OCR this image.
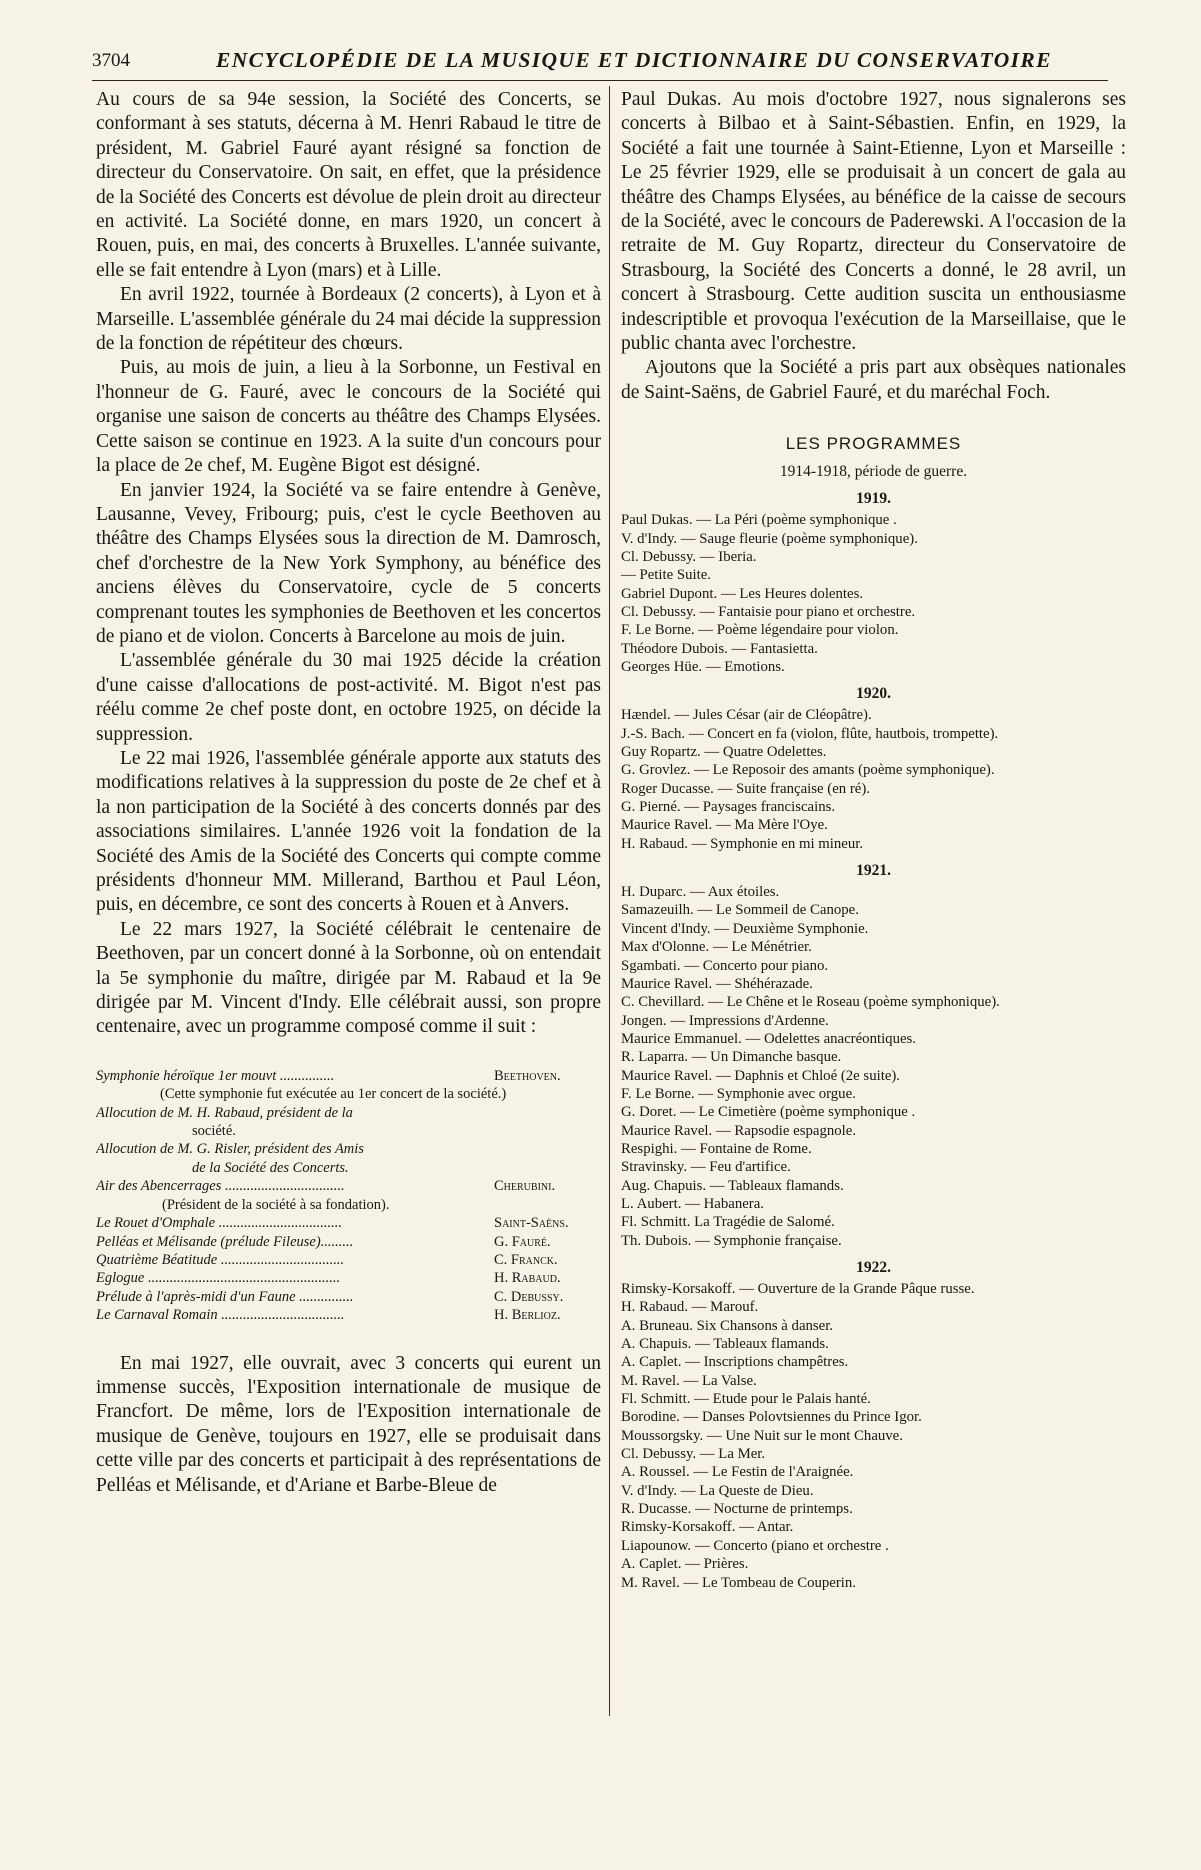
3704	ENCYCLOPÉDIE DE LA MUSIQUE ET DICTIONNAIRE DU CONSERVATOIRE

Au cours de sa 94e session, la Société des Concerts, se conformant à ses statuts, décerna à M. Henri Rabaud le titre de président, M. Gabriel Fauré ayant résigné sa fonction de directeur du Conservatoire. On sait, en effet, que la présidence de la Société des Concerts est dévolue de plein droit au directeur en activité. La Société donne, en mars 1920, un concert à Rouen, puis, en mai, des concerts à Bruxelles. L'année suivante, elle se fait entendre à Lyon (mars) et à Lille.

En avril 1922, tournée à Bordeaux (2 concerts), à Lyon et à Marseille. L'assemblée générale du 24 mai décide la suppression de la fonction de répétiteur des chœurs.

Puis, au mois de juin, a lieu à la Sorbonne, un Festival en l'honneur de G. Fauré, avec le concours de la Société qui organise une saison de concerts au théâtre des Champs Elysées. Cette saison se continue en 1923. A la suite d'un concours pour la place de 2e chef, M. Eugène Bigot est désigné.

En janvier 1924, la Société va se faire entendre à Genève, Lausanne, Vevey, Fribourg; puis, c'est le cycle Beethoven au théâtre des Champs Elysées sous la direction de M. Damrosch, chef d'orchestre de la New York Symphony, au bénéfice des anciens élèves du Conservatoire, cycle de 5 concerts comprenant toutes les symphonies de Beethoven et les concertos de piano et de violon. Concerts à Barcelone au mois de juin.

L'assemblée générale du 30 mai 1925 décide la création d'une caisse d'allocations de post-activité. M. Bigot n'est pas réélu comme 2e chef poste dont, en octobre 1925, on décide la suppression.

Le 22 mai 1926, l'assemblée générale apporte aux statuts des modifications relatives à la suppression du poste de 2e chef et à la non participation de la Société à des concerts donnés par des associations similaires. L'année 1926 voit la fondation de la Société des Amis de la Société des Concerts qui compte comme présidents d'honneur MM. Millerand, Barthou et Paul Léon, puis, en décembre, ce sont des concerts à Rouen et à Anvers.

Le 22 mars 1927, la Société célébrait le centenaire de Beethoven, par un concert donné à la Sorbonne, où on entendait la 5e symphonie du maître, dirigée par M. Rabaud et la 9e dirigée par M. Vincent d'Indy. Elle célébrait aussi, son propre centenaire, avec un programme composé comme il suit :

Symphonie héroïque 1er mouvt ...............	Beethoven.
(Cette symphonie fut exécutée au 1er concert de la société.)
Allocution de M. H. Rabaud, président de la
société.
Allocution de M. G. Risler, président des Amis
de la Société des Concerts.
Air des Abencerrages .................................	Cherubini.
(Président de la société à sa fondation).
Le Rouet d'Omphale ..................................	Saint-Saëns.
Pelléas et Mélisande (prélude Fileuse).........	G. Fauré.
Quatrième Béatitude ..................................	C. Franck.
Eglogue .....................................................	H. Rabaud.
Prélude à l'après-midi d'un Faune ...............	C. Debussy.
Le Carnaval Romain ..................................	H. Berlioz.

En mai 1927, elle ouvrait, avec 3 concerts qui eurent un immense succès, l'Exposition internationale de musique de Francfort. De même, lors de l'Exposition internationale de musique de Genève, toujours en 1927, elle se produisait dans cette ville par des concerts et participait à des représentations de Pelléas et Mélisande, et d'Ariane et Barbe-Bleue de

Paul Dukas. Au mois d'octobre 1927, nous signalerons ses concerts à Bilbao et à Saint-Sébastien. Enfin, en 1929, la Société a fait une tournée à Saint-Etienne, Lyon et Marseille : Le 25 février 1929, elle se produisait à un concert de gala au théâtre des Champs Elysées, au bénéfice de la caisse de secours de la Société, avec le concours de Paderewski. A l'occasion de la retraite de M. Guy Ropartz, directeur du Conservatoire de Strasbourg, la Société des Concerts a donné, le 28 avril, un concert à Strasbourg. Cette audition suscita un enthousiasme indescriptible et provoqua l'exécution de la Marseillaise, que le public chanta avec l'orchestre.

Ajoutons que la Société a pris part aux obsèques nationales de Saint-Saëns, de Gabriel Fauré, et du maréchal Foch.

LES PROGRAMMES
1914-1918, période de guerre.
1919.

Paul Dukas. — La Péri (poème symphonique .

V. d'Indy. — Sauge fleurie (poème symphonique).

Cl. Debussy. — Iberia.

— Petite Suite.

Gabriel Dupont. — Les Heures dolentes.

Cl. Debussy. — Fantaisie pour piano et orchestre.

F. Le Borne. — Poème légendaire pour violon.

Théodore Dubois. — Fantasietta.

Georges Hüe. — Emotions.

1920.

Hændel. — Jules César (air de Cléopâtre).

J.-S. Bach. — Concert en fa (violon, flûte, hautbois, trompette).

Guy Ropartz. — Quatre Odelettes.

G. Grovlez. — Le Reposoir des amants (poème symphonique).

Roger Ducasse. — Suite française (en ré).

G. Pierné. — Paysages franciscains.

Maurice Ravel. — Ma Mère l'Oye.

H. Rabaud. — Symphonie en mi mineur.

1921.

H. Duparc. — Aux étoiles.

Samazeuilh. — Le Sommeil de Canope.

Vincent d'Indy. — Deuxième Symphonie.

Max d'Olonne. — Le Ménétrier.

Sgambati. — Concerto pour piano.

Maurice Ravel. — Shéhérazade.

C. Chevillard. — Le Chêne et le Roseau (poème symphonique).

Jongen. — Impressions d'Ardenne.

Maurice Emmanuel. — Odelettes anacréontiques.

R. Laparra. — Un Dimanche basque.

Maurice Ravel. — Daphnis et Chloé (2e suite).

F. Le Borne. — Symphonie avec orgue.

G. Doret. — Le Cimetière (poème symphonique .

Maurice Ravel. — Rapsodie espagnole.

Respighi. — Fontaine de Rome.

Stravinsky. — Feu d'artifice.

Aug. Chapuis. — Tableaux flamands.

L. Aubert. — Habanera.

Fl. Schmitt. La Tragédie de Salomé.

Th. Dubois. — Symphonie française.

1922.

Rimsky-Korsakoff. — Ouverture de la Grande Pâque russe.

H. Rabaud. — Marouf.

A. Bruneau. Six Chansons à danser.

A. Chapuis. — Tableaux flamands.

A. Caplet. — Inscriptions champêtres.

M. Ravel. — La Valse.

Fl. Schmitt. — Etude pour le Palais hanté.

Borodine. — Danses Polovtsiennes du Prince Igor.

Moussorgsky. — Une Nuit sur le mont Chauve.

Cl. Debussy. — La Mer.

A. Roussel. — Le Festin de l'Araignée.

V. d'Indy. — La Queste de Dieu.

R. Ducasse. — Nocturne de printemps.

Rimsky-Korsakoff. — Antar.

Liapounow. — Concerto (piano et orchestre .

A. Caplet. — Prières.

M. Ravel. — Le Tombeau de Couperin.
